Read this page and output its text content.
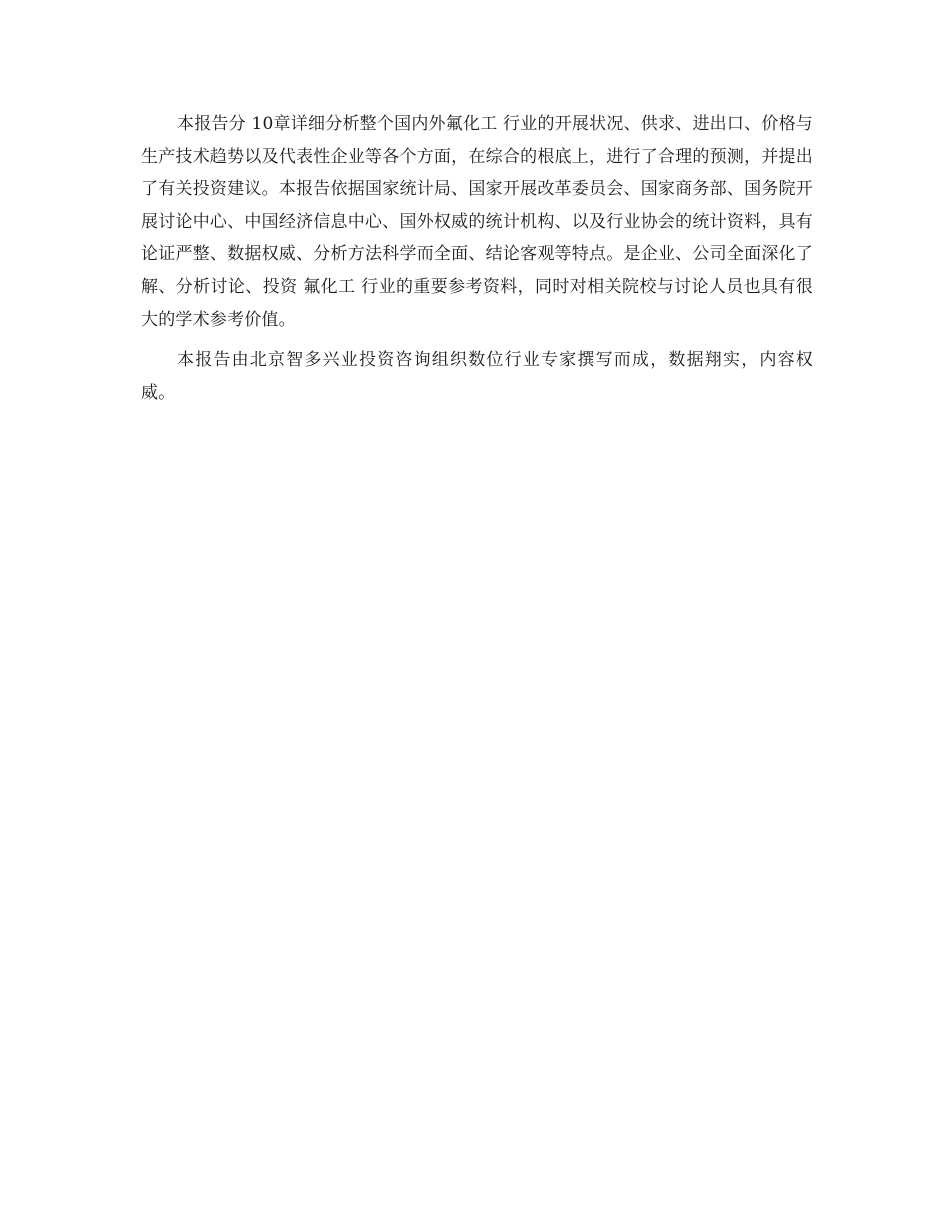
本报告分 10章详细分析整个国内外氟化工 行业的开展状况、供求、进出口、价格与生产技术趋势以及代表性企业等各个方面，在综合的根底上，进行了合理的预测，并提出了有关投资建议。本报告依据国家统计局、国家开展改革委员会、国家商务部、国务院开展讨论中心、中国经济信息中心、国外权威的统计机构、以及行业协会的统计资料，具有论证严整、数据权威、分析方法科学而全面、结论客观等特点。是企业、公司全面深化了解、分析讨论、投资 氟化工 行业的重要参考资料，同时对相关院校与讨论人员也具有很大的学术参考价值。

本报告由北京智多兴业投资咨询组织数位行业专家撰写而成，数据翔实，内容权威。
